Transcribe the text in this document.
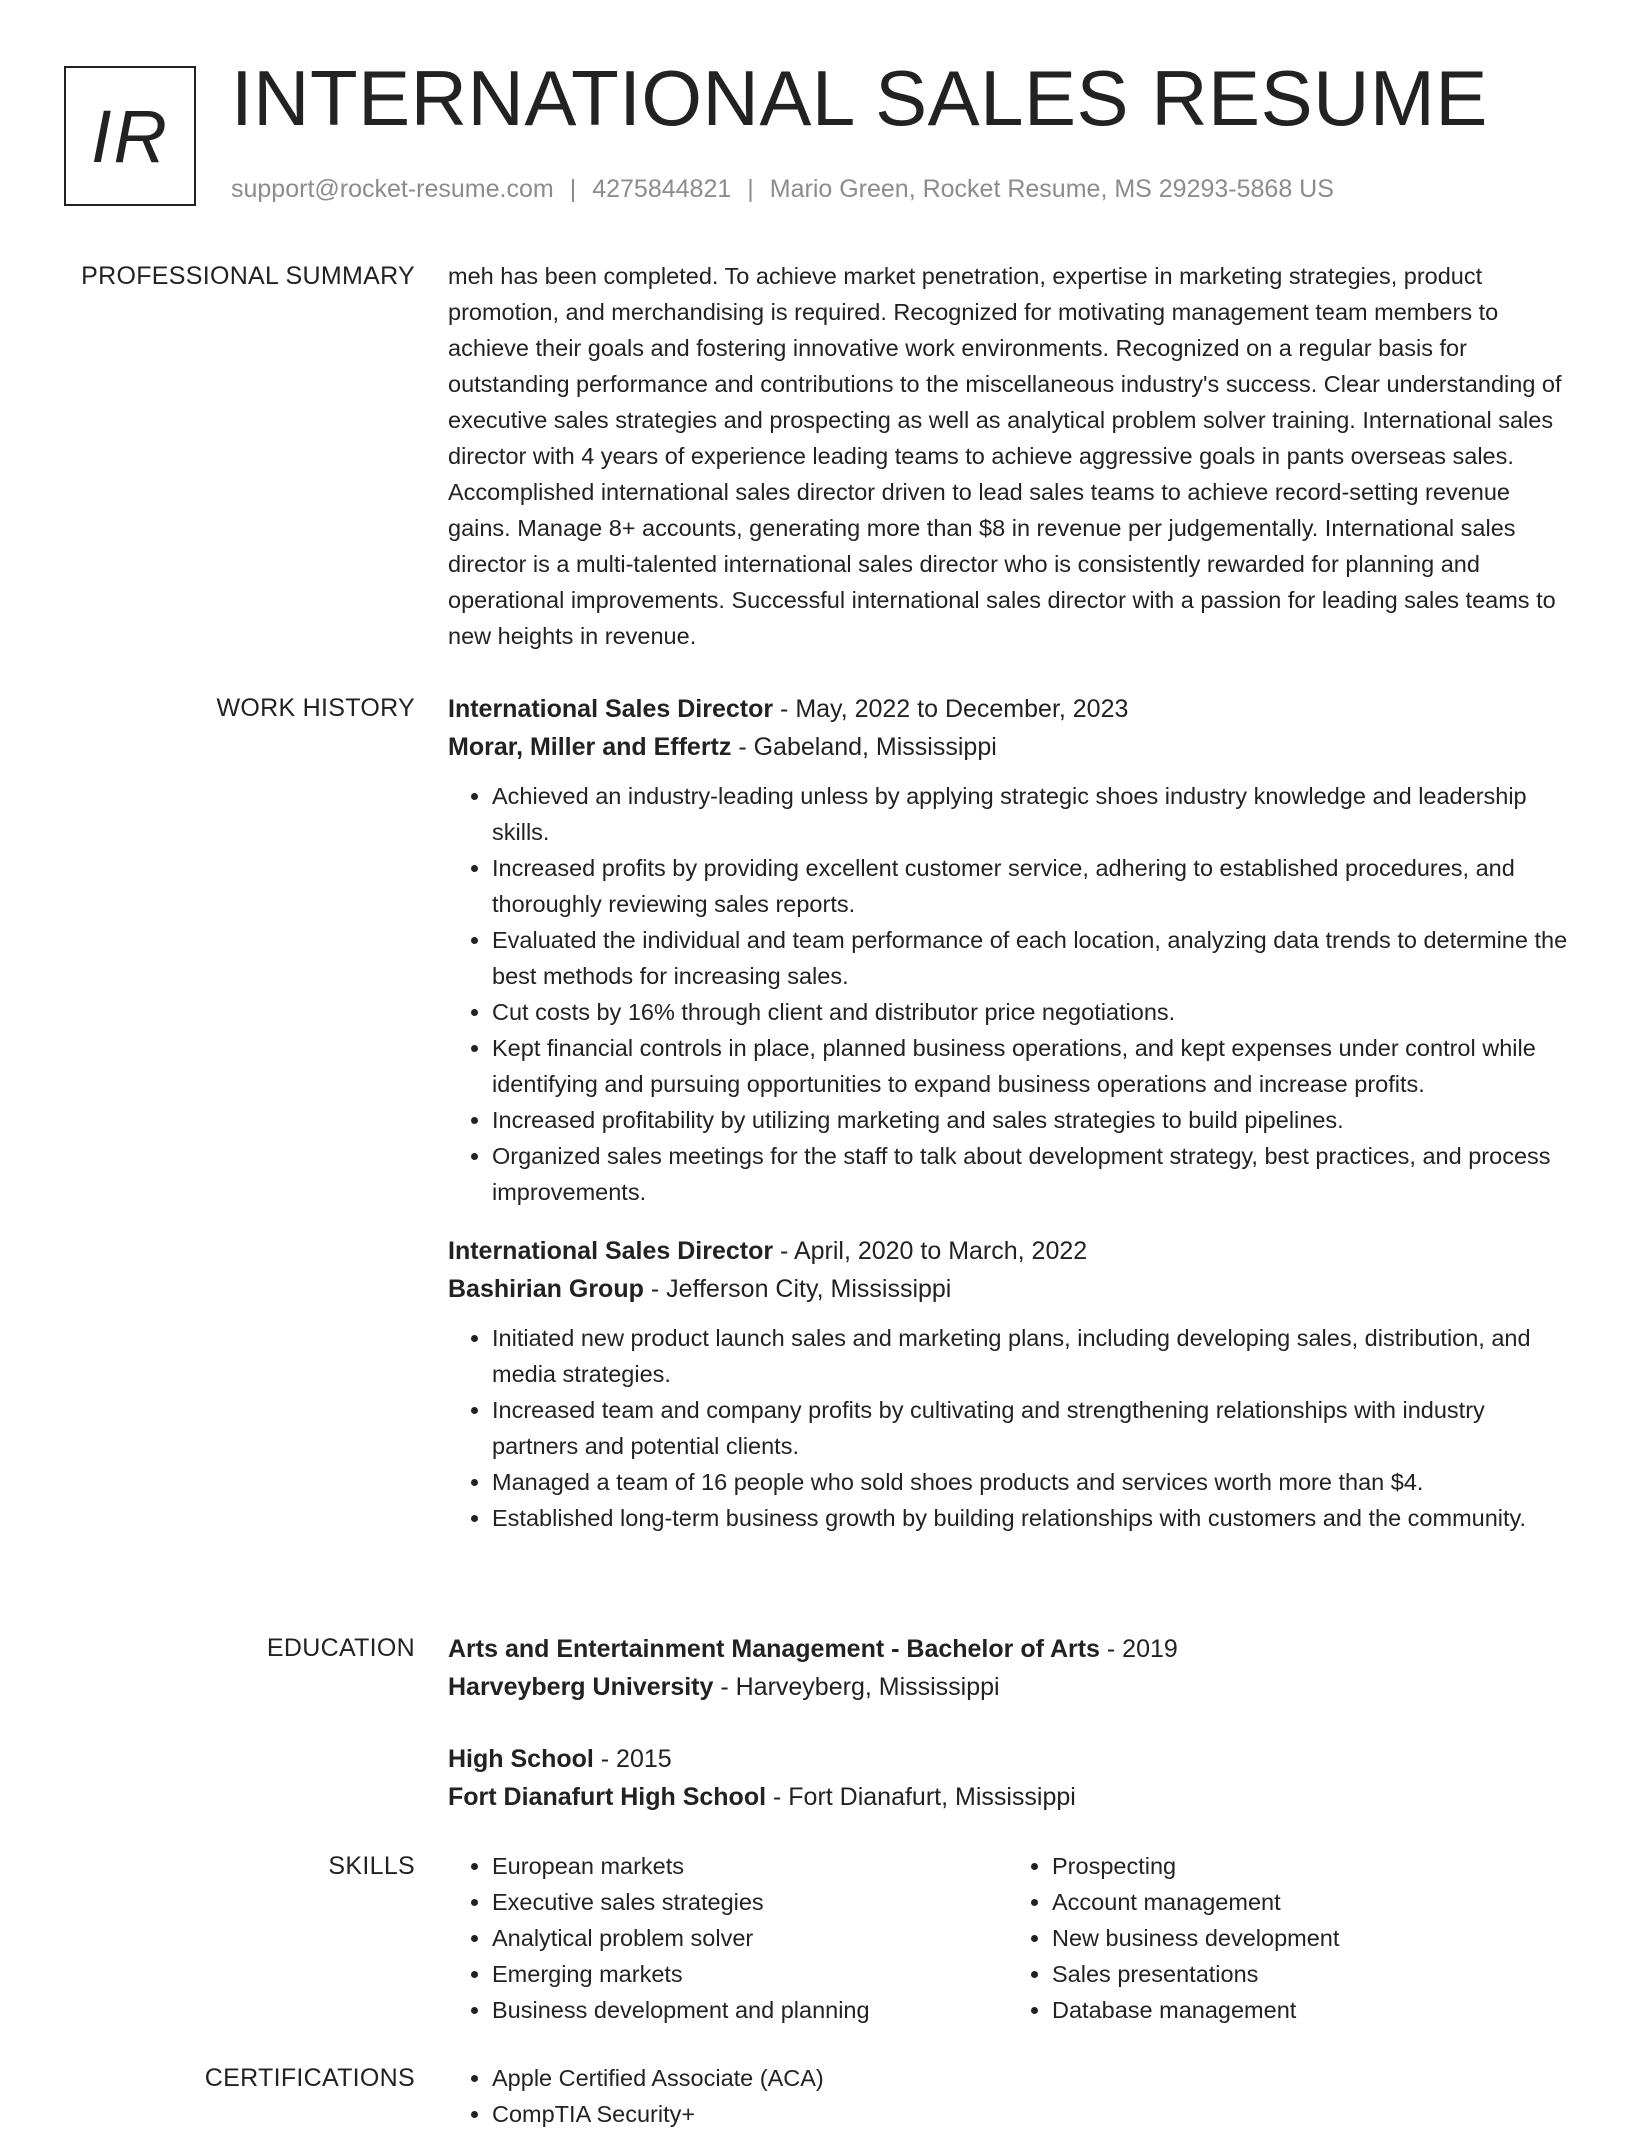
IR INTERNATIONAL SALES RESUME
support@rocket-resume.com | 4275844821 | Mario Green, Rocket Resume, MS 29293-5868 US
PROFESSIONAL SUMMARY meh has been completed. To achieve market penetration, expertise in marketing strategies, product promotion, and merchandising is required. Recognized for motivating management team members to achieve their goals and fostering innovative work environments. Recognized on a regular basis for outstanding performance and contributions to the miscellaneous industry's success. Clear understanding of executive sales strategies and prospecting as well as analytical problem solver training. International sales director with 4 years of experience leading teams to achieve aggressive goals in pants overseas sales. Accomplished international sales director driven to lead sales teams to achieve record-setting revenue gains. Manage 8+ accounts, generating more than $8 in revenue per judgementally. International sales director is a multi-talented international sales director who is consistently rewarded for planning and operational improvements. Successful international sales director with a passion for leading sales teams to new heights in revenue.

WORK HISTORY International Sales Director - May, 2022 to December, 2023
Morar, Miller and Effertz - Gabeland, Mississippi
• Achieved an industry-leading unless by applying strategic shoes industry knowledge and leadership skills.
• Increased profits by providing excellent customer service, adhering to established procedures, and thoroughly reviewing sales reports.
• Evaluated the individual and team performance of each location, analyzing data trends to determine the best methods for increasing sales.
• Cut costs by 16% through client and distributor price negotiations.
• Kept financial controls in place, planned business operations, and kept expenses under control while identifying and pursuing opportunities to expand business operations and increase profits.
• Increased profitability by utilizing marketing and sales strategies to build pipelines.
• Organized sales meetings for the staff to talk about development strategy, best practices, and process improvements.
International Sales Director - April, 2020 to March, 2022
Bashirian Group - Jefferson City, Mississippi
• Initiated new product launch sales and marketing plans, including developing sales, distribution, and media strategies.
• Increased team and company profits by cultivating and strengthening relationships with industry partners and potential clients.
• Managed a team of 16 people who sold shoes products and services worth more than $4.
• Established long-term business growth by building relationships with customers and the community.
EDUCATION Arts and Entertainment Management - Bachelor of Arts - 2019
Harveyberg University - Harveyberg, Mississippi
High School - 2015
Fort Dianafurt High School - Fort Dianafurt, Mississippi
SKILLS	• European markets
• Executive sales strategies
• Analytical problem solver
• Emerging markets
• Business development and planning
• Prospecting
• Account management
• New business development
• Sales presentations
• Database management
CERTIFICATIONS	• Apple Certified Associate (ACA)
• CompTIA Security+
